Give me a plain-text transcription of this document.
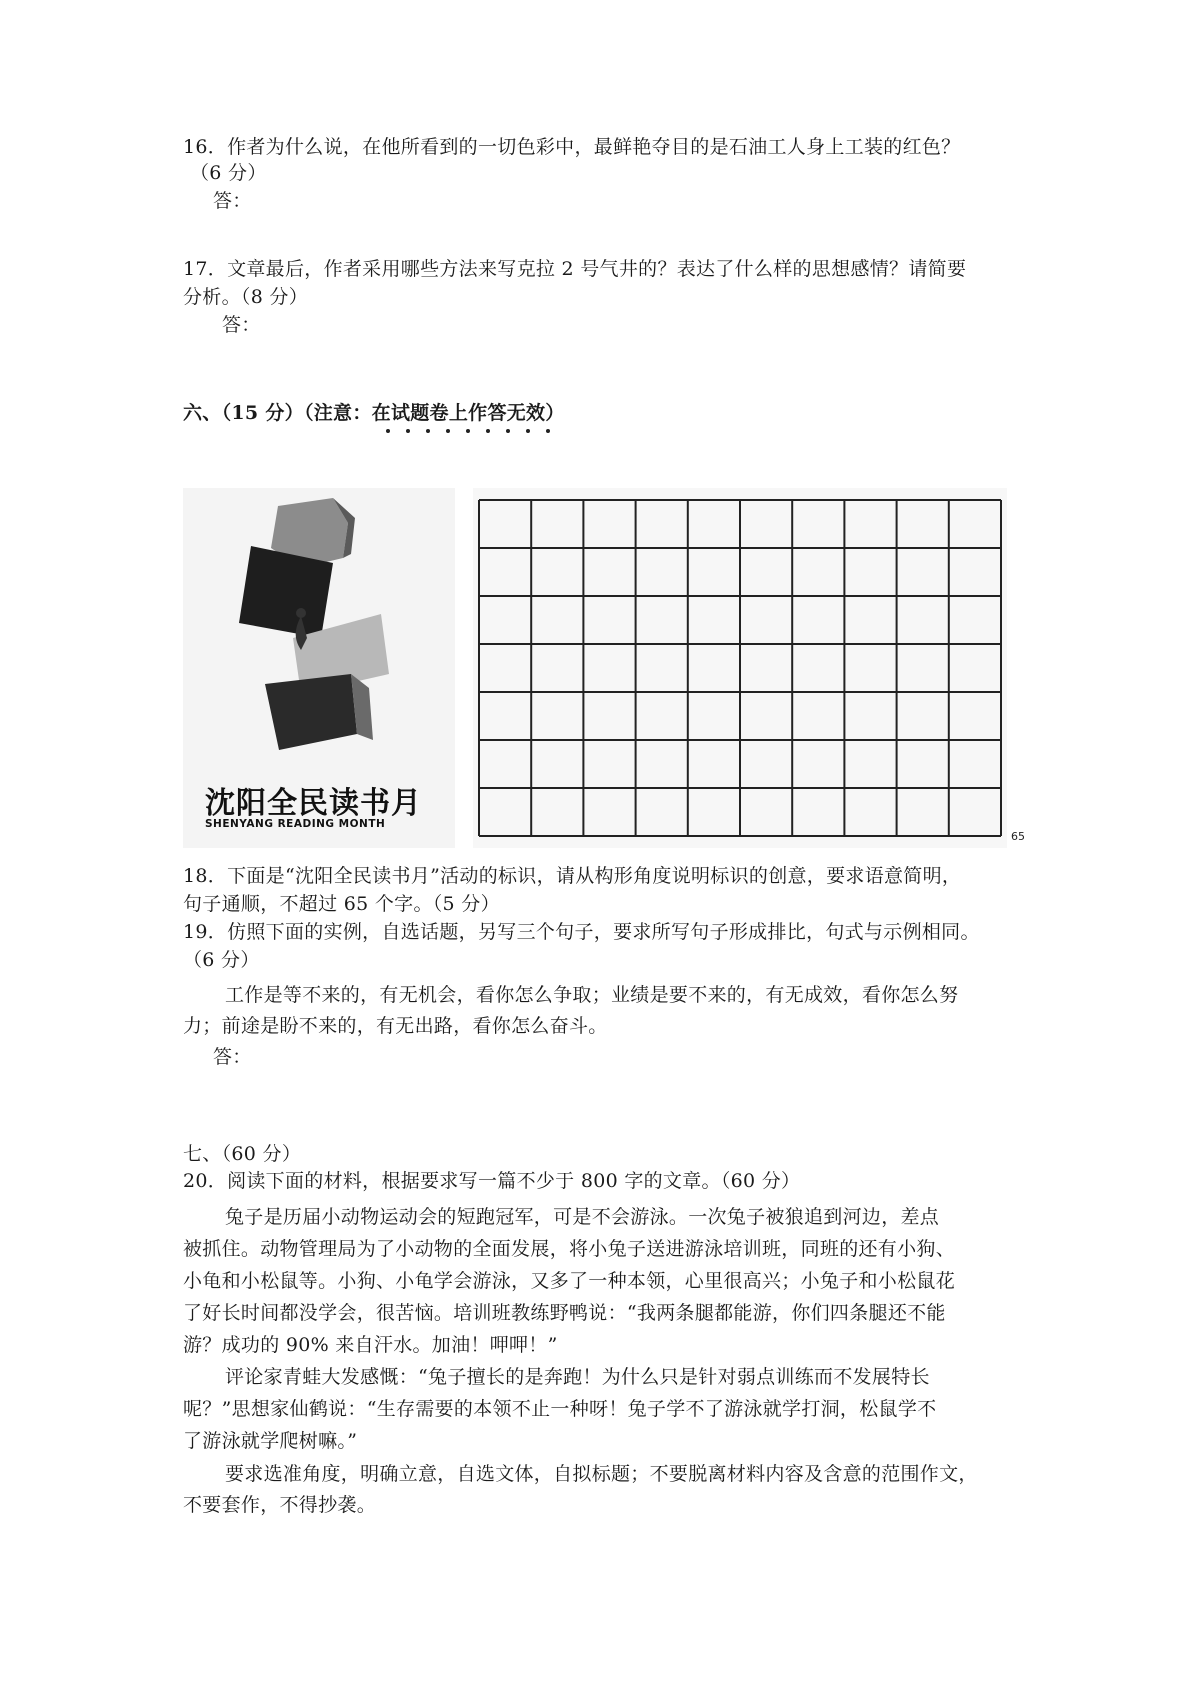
16．作者为什么说，在他所看到的一切色彩中，最鲜艳夺目的是石油工人身上工装的红色？
（6 分）
答：
17．文章最后，作者采用哪些方法来写克拉 2 号气井的？表达了什么样的思想感情？请简要
分析。（8 分）
答：
六、（15 分）（注意：在试题卷上作答无效）
沈阳全民读书月
SHENYANG READING MONTH
65
18．下面是“沈阳全民读书月”活动的标识，请从构形角度说明标识的创意，要求语意简明，
句子通顺，不超过 65 个字。（5 分）
19．仿照下面的实例，自选话题，另写三个句子，要求所写句子形成排比，句式与示例相同。
（6 分）
工作是等不来的，有无机会，看你怎么争取；业绩是要不来的，有无成效，看你怎么努
力；前途是盼不来的，有无出路，看你怎么奋斗。
答：
七、（60 分）
20．阅读下面的材料，根据要求写一篇不少于 800 字的文章。（60 分）
兔子是历届小动物运动会的短跑冠军，可是不会游泳。一次兔子被狼追到河边，差点
被抓住。动物管理局为了小动物的全面发展，将小兔子送进游泳培训班，同班的还有小狗、
小龟和小松鼠等。小狗、小龟学会游泳，又多了一种本领，心里很高兴；小兔子和小松鼠花
了好长时间都没学会，很苦恼。培训班教练野鸭说：“我两条腿都能游，你们四条腿还不能
游？成功的 90% 来自汗水。加油！呷呷！”
评论家青蛙大发感慨：“兔子擅长的是奔跑！为什么只是针对弱点训练而不发展特长
呢？”思想家仙鹤说：“生存需要的本领不止一种呀！兔子学不了游泳就学打洞，松鼠学不
了游泳就学爬树嘛。”
要求选准角度，明确立意，自选文体，自拟标题；不要脱离材料内容及含意的范围作文，
不要套作，不得抄袭。
